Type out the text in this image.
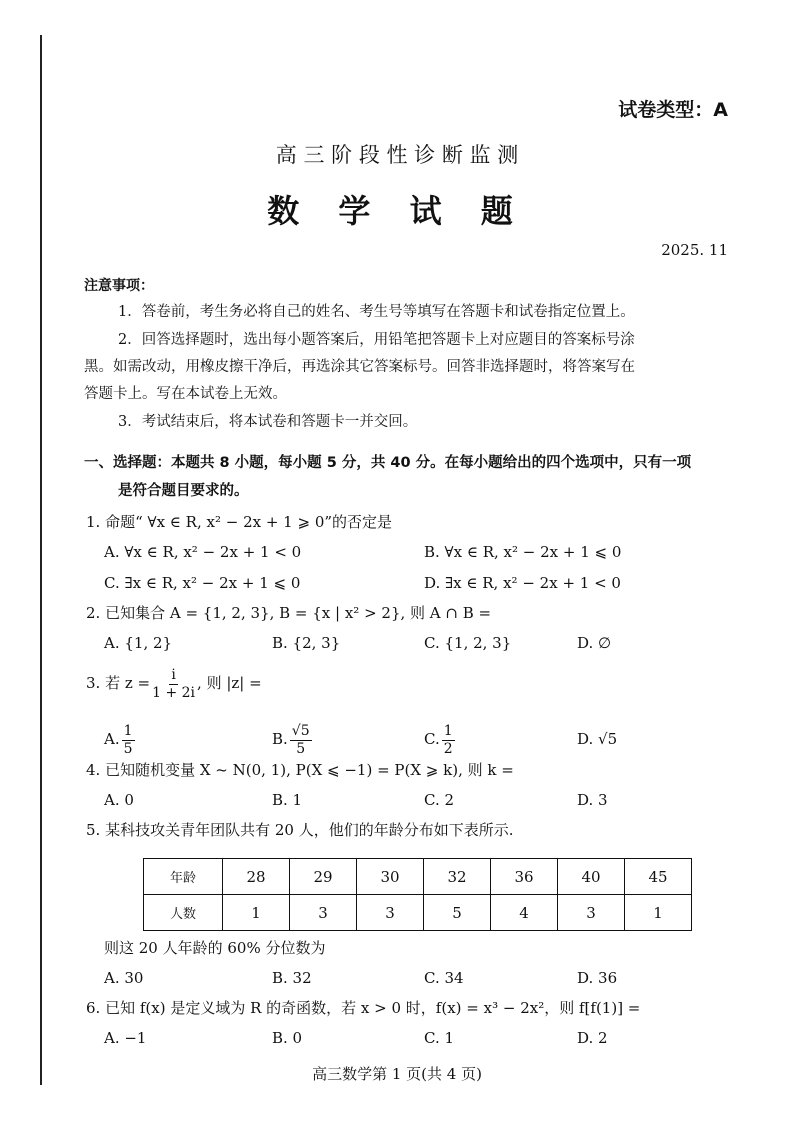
试卷类型：A
高 三 阶 段 性 诊 断 监 测
数 学 试 题
2025. 11
注意事项：
1．答卷前，考生务必将自己的姓名、考生号等填写在答题卡和试卷指定位置上。
2．回答选择题时，选出每小题答案后，用铅笔把答题卡上对应题目的答案标号涂
黑。如需改动，用橡皮擦干净后，再选涂其它答案标号。回答非选择题时，将答案写在
答题卡上。写在本试卷上无效。
3．考试结束后，将本试卷和答题卡一并交回。
一、选择题：本题共 8 小题，每小题 5 分，共 40 分。在每小题给出的四个选项中，只有一项
是符合题目要求的。
1. 命题“ ∀x ∈ R, x² − 2x + 1 ⩾ 0”的否定是
A. ∀x ∈ R, x² − 2x + 1 < 0	B. ∀x ∈ R, x² − 2x + 1 ⩽ 0
C. ∃x ∈ R, x² − 2x + 1 ⩽ 0	D. ∃x ∈ R, x² − 2x + 1 < 0
2. 已知集合 A = {1, 2, 3}, B = {x | x² > 2}, 则 A ∩ B =
A. {1, 2}	B. {2, 3}	C. {1, 2, 3}	D. ∅
3. 若 $z = \frac{i}{1 + 2i}$ , 则 |z| =
A. $\frac{1}{5}$	B. $\frac{√5}{5}$	C. $\frac{1}{2}$	D. √5
4. 已知随机变量 X ~ N(0, 1), P(X ⩽ −1) = P(X ⩾ k), 则 k =
A. 0	B. 1	C. 2	D. 3
5. 某科技攻关青年团队共有 20 人，他们的年龄分布如下表所示.
年龄	28	29	30	32	36	40	45
人数	1	3	3	5	4	3	1
则这 20 人年龄的 60% 分位数为
A. 30	B. 32	C. 34	D. 36
6. 已知 f(x) 是定义域为 R 的奇函数，若 x > 0 时，f(x) = x³ − 2x²，则 f[f(1)] =
A. −1	B. 0	C. 1	D. 2
高三数学第 1 页(共 4 页)
